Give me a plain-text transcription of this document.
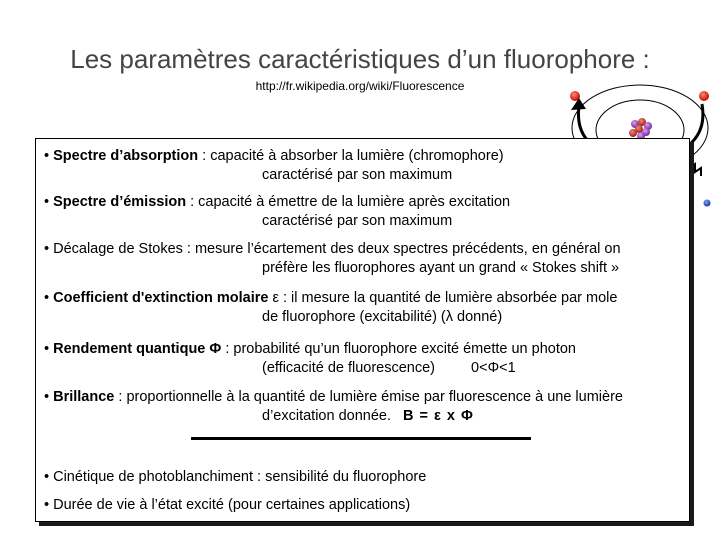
Les paramètres caractéristiques d’un fluorophore :
http://fr.wikipedia.org/wiki/Fluorescence
• Spectre d’absorption : capacité à absorber la lumière (chromophore)
caractérisé par son maximum
• Spectre d’émission : capacité à émettre de la lumière après excitation
caractérisé par son maximum
• Décalage de Stokes : mesure l’écartement des deux spectres précédents, en général on
préfère les fluorophores ayant un grand « Stokes shift »
• Coefficient d'extinction molaire ε : il mesure la quantité de lumière absorbée par mole
de fluorophore (excitabilité) (λ donné)
• Rendement quantique Φ : probabilité qu’un fluorophore excité émette un photon
(efficacité de fluorescence) 0<Φ<1
• Brillance : proportionnelle à la quantité de lumière émise par fluorescence à une lumière
d’excitation donnée. B = ε x Φ
• Cinétique de photoblanchiment : sensibilité du fluorophore
• Durée de vie à l’état excité (pour certaines applications)
